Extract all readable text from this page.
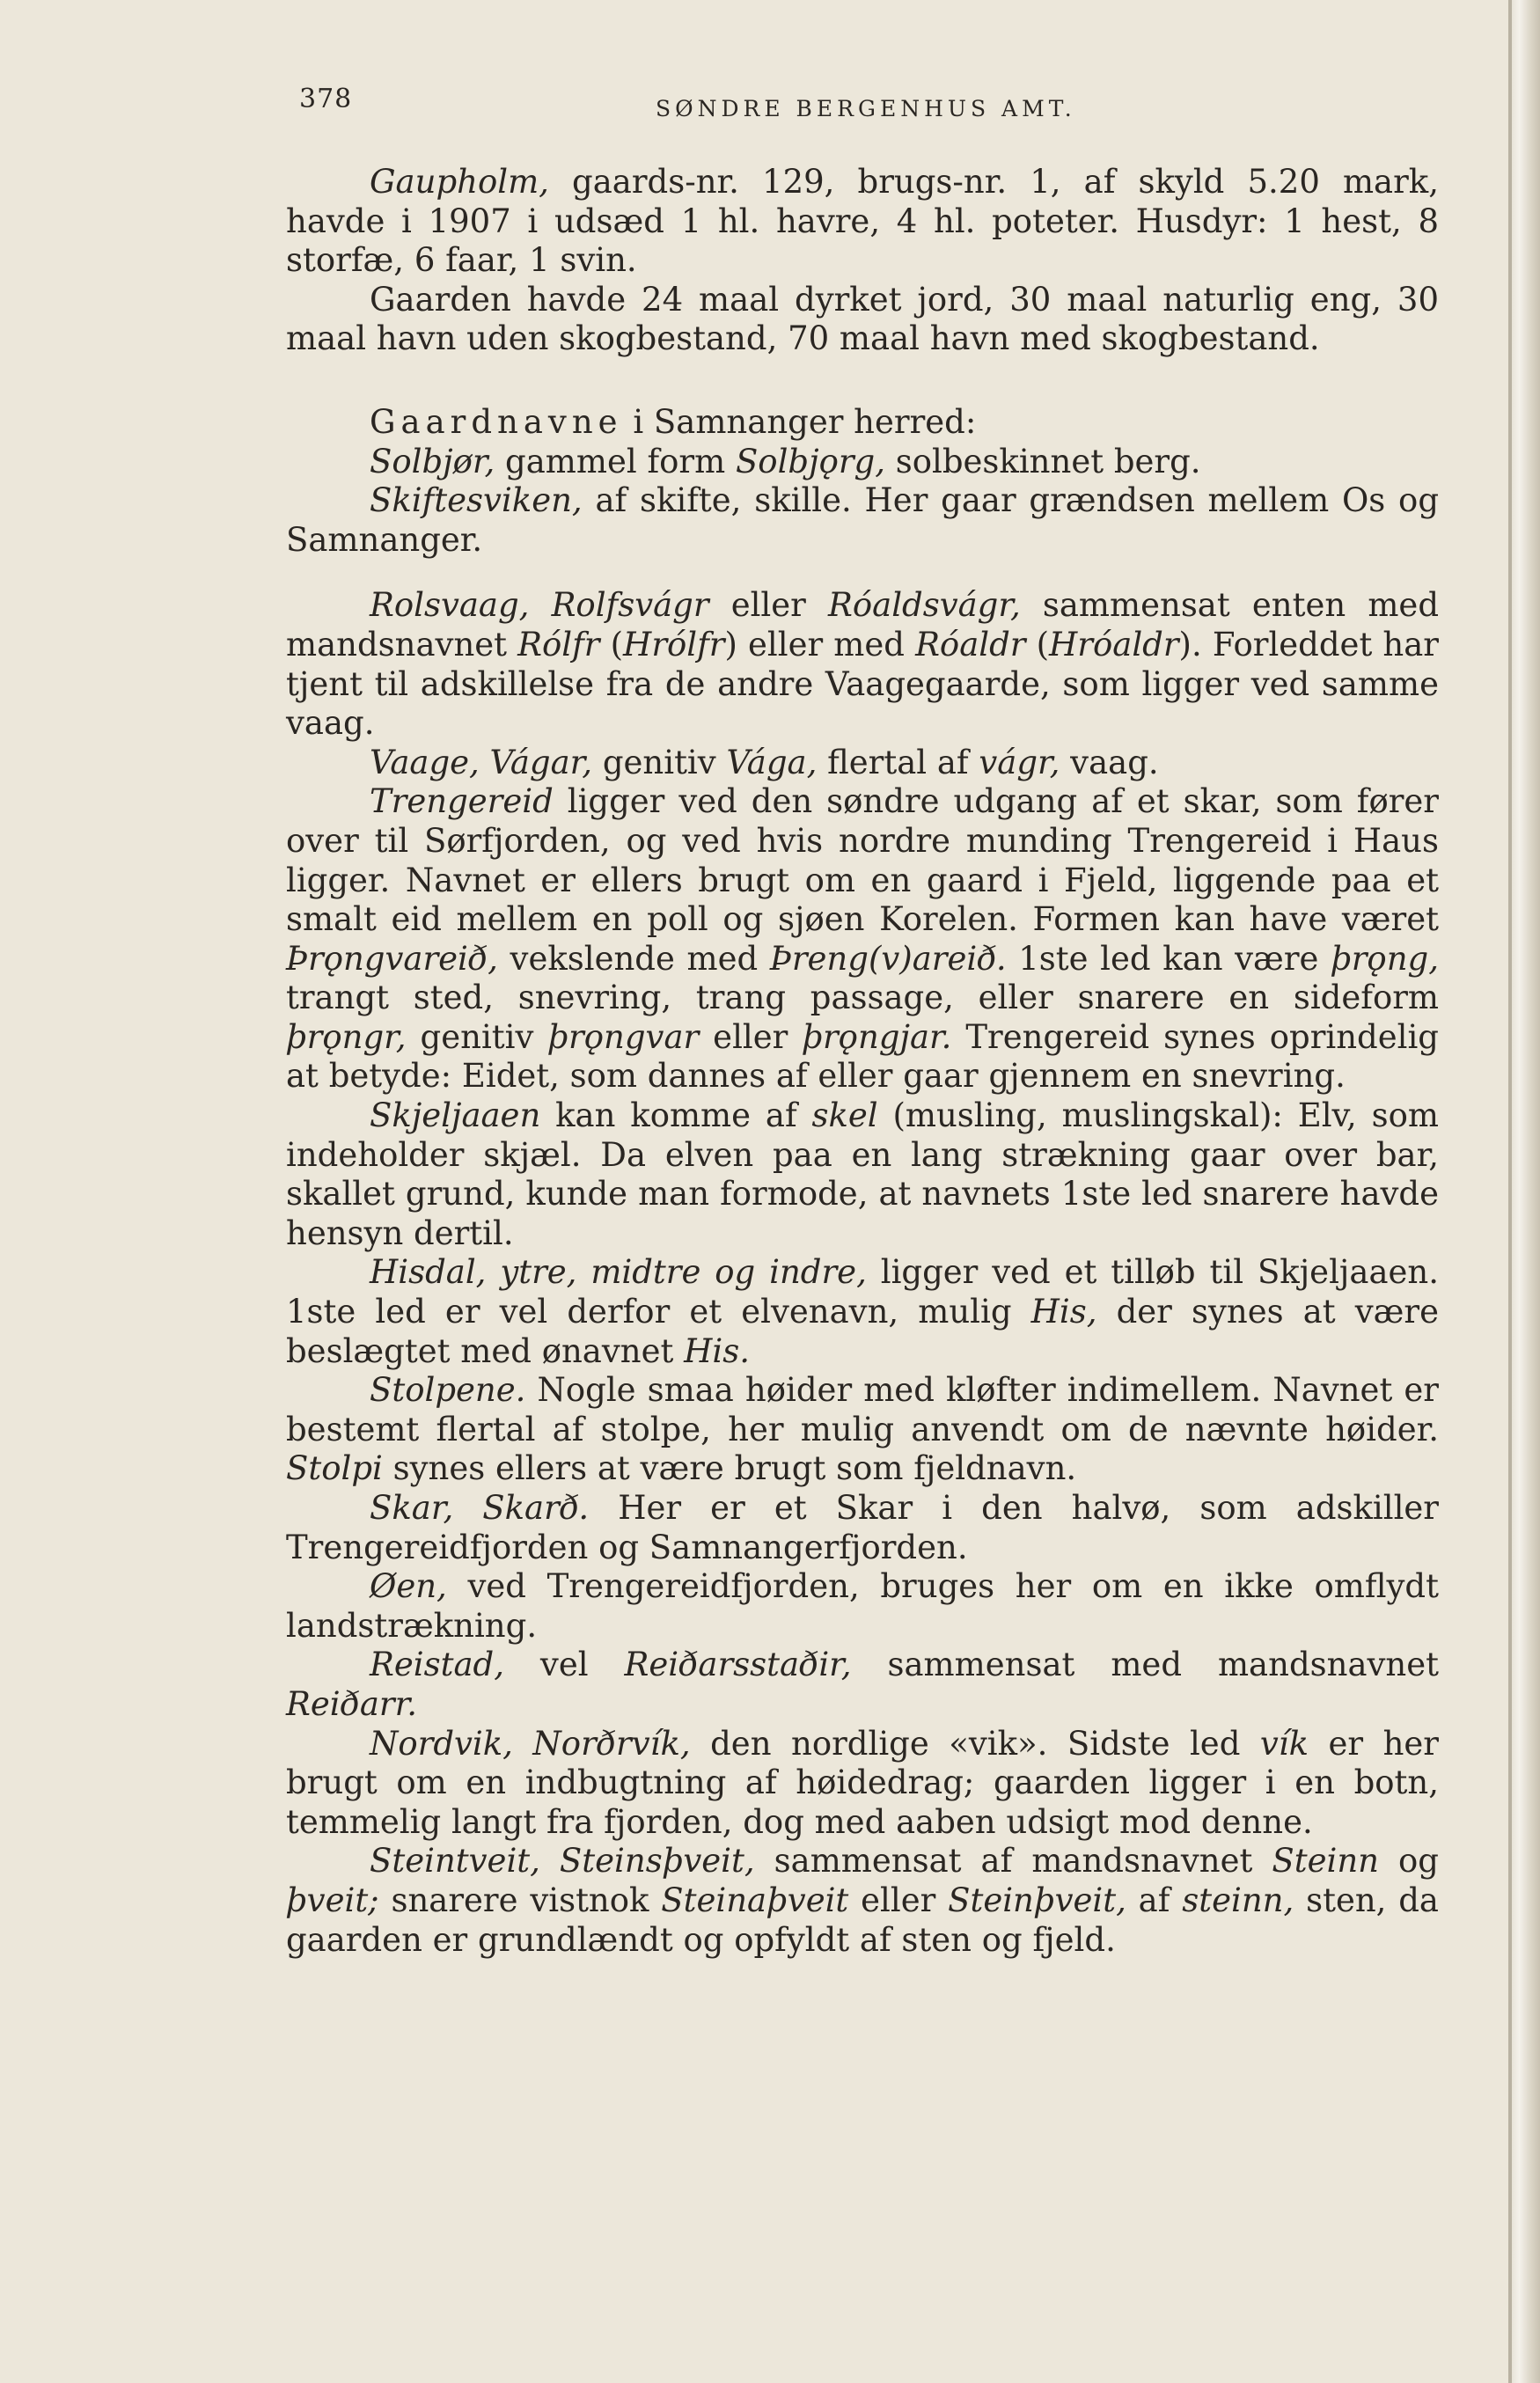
378	SØNDRE BERGENHUS AMT.

Gaupholm, gaards-nr. 129, brugs-nr. 1, af skyld 5.20 mark, havde i 1907 i udsæd 1 hl. havre, 4 hl. poteter. Husdyr: 1 hest, 8 storfæ, 6 faar, 1 svin.

Gaarden havde 24 maal dyrket jord, 30 maal naturlig eng, 30 maal havn uden skogbestand, 70 maal havn med skogbestand.

Gaardnavne i Samnanger herred:

Solbjør, gammel form Solbjǫrg, solbeskinnet berg.

Skiftesviken, af skifte, skille. Her gaar grændsen mellem Os og Samnanger.

Rolsvaag, Rolfsvágr eller Róaldsvágr, sammensat enten med mandsnavnet Rólfr (Hrólfr) eller med Róaldr (Hróaldr). Forleddet har tjent til adskillelse fra de andre Vaagegaarde, som ligger ved samme vaag.

Vaage, Vágar, genitiv Vága, flertal af vágr, vaag.

Trengereid ligger ved den søndre udgang af et skar, som fører over til Sørfjorden, og ved hvis nordre munding Trengereid i Haus ligger. Navnet er ellers brugt om en gaard i Fjeld, liggende paa et smalt eid mellem en poll og sjøen Korelen. Formen kan have været Þrǫngvareið, vekslende med Þreng(v)areið. 1ste led kan være þrǫng, trangt sted, snevring, trang passage, eller snarere en sideform þrǫngr, genitiv þrǫngvar eller þrǫngjar. Trengereid synes oprindelig at betyde: Eidet, som dannes af eller gaar gjennem en snevring.

Skjeljaaen kan komme af skel (musling, muslingskal): Elv, som indeholder skjæl. Da elven paa en lang strækning gaar over bar, skallet grund, kunde man formode, at navnets 1ste led snarere havde hensyn dertil.

Hisdal, ytre, midtre og indre, ligger ved et tilløb til Skjeljaaen. 1ste led er vel derfor et elvenavn, mulig His, der synes at være beslægtet med ønavnet His.

Stolpene. Nogle smaa høider med kløfter indimellem. Navnet er bestemt flertal af stolpe, her mulig anvendt om de nævnte høider. Stolpi synes ellers at være brugt som fjeldnavn.

Skar, Skarð. Her er et Skar i den halvø, som adskiller Trengereidfjorden og Samnangerfjorden.

Øen, ved Trengereidfjorden, bruges her om en ikke omflydt landstrækning.

Reistad, vel Reiðarsstaðir, sammensat med mandsnavnet Reiðarr.

Nordvik, Norðrvík, den nordlige «vik». Sidste led vík er her brugt om en indbugtning af høidedrag; gaarden ligger i en botn, temmelig langt fra fjorden, dog med aaben udsigt mod denne.

Steintveit, Steinsþveit, sammensat af mandsnavnet Steinn og þveit; snarere vistnok Steinaþveit eller Steinþveit, af steinn, sten, da gaarden er grundlændt og opfyldt af sten og fjeld.
